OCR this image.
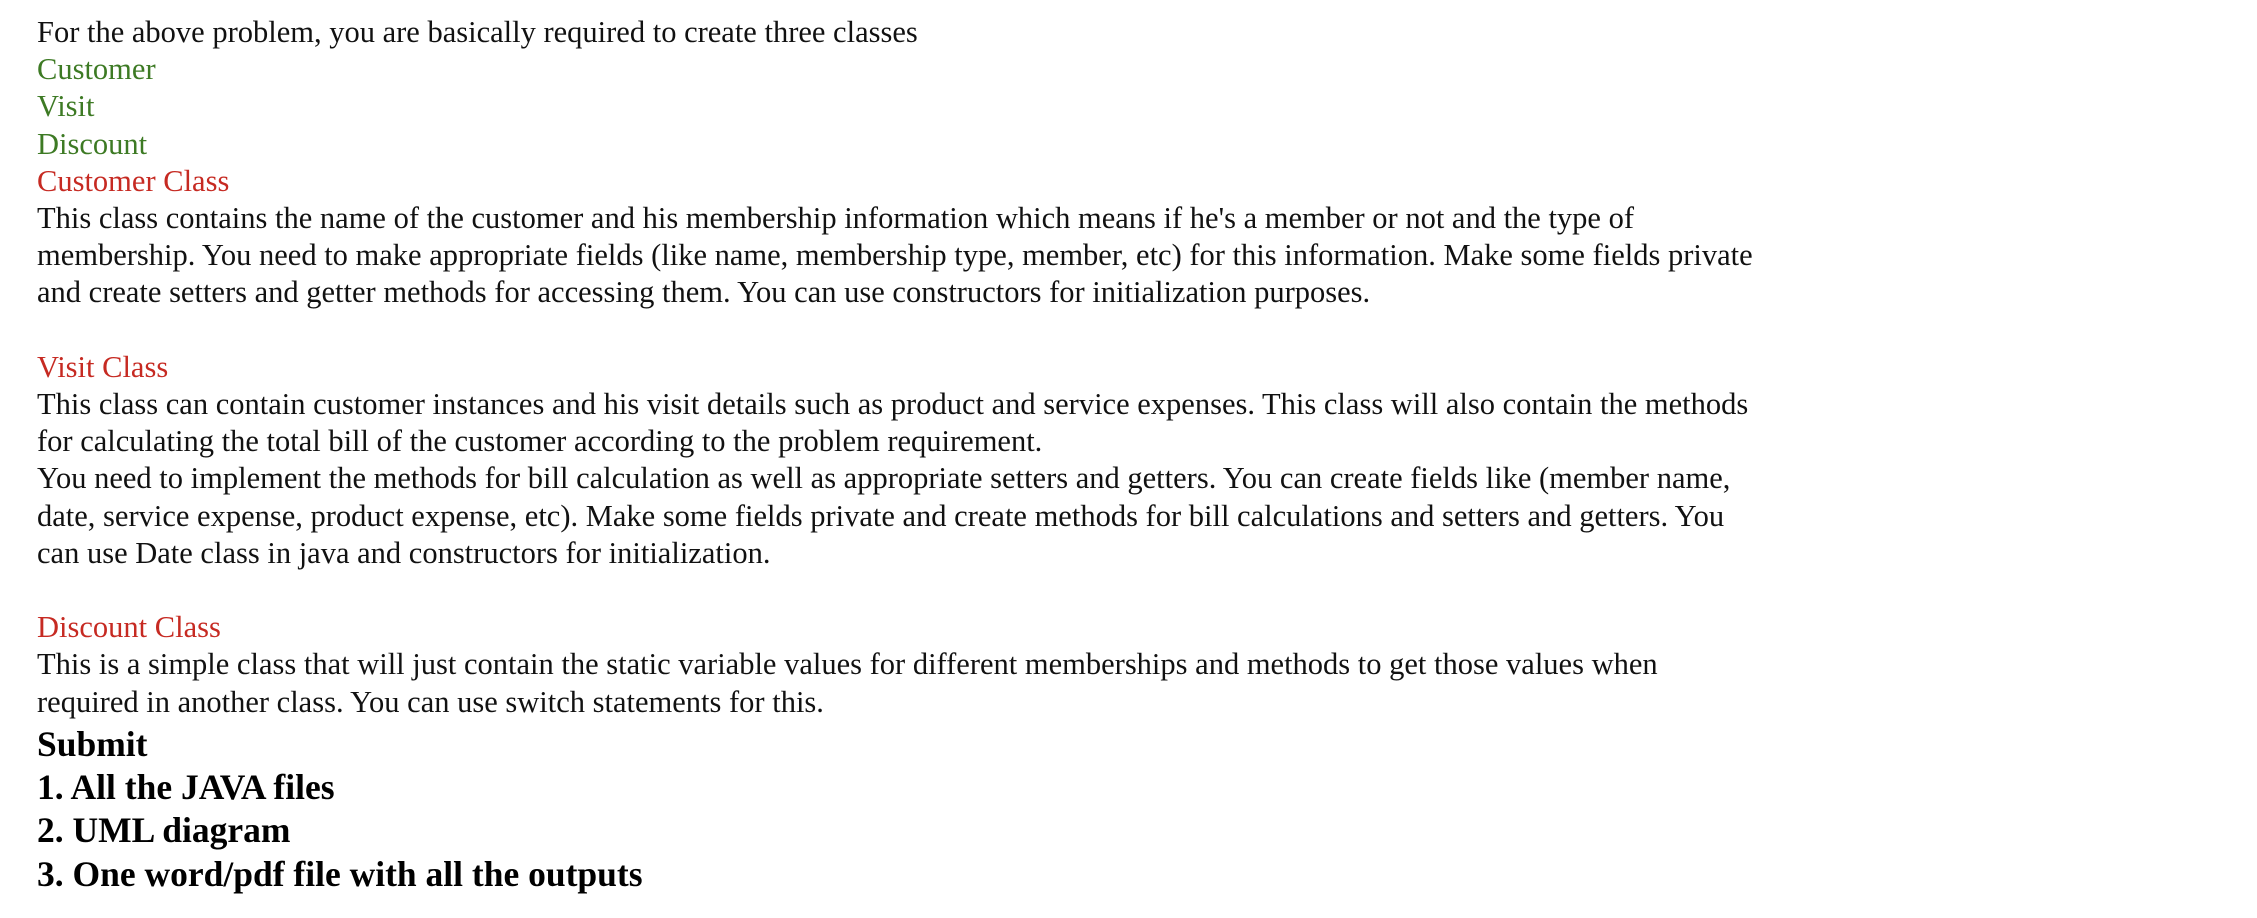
For the above problem, you are basically required to create three classes
Customer
Visit
Discount
Customer Class
This class contains the name of the customer and his membership information which means if he's a member or not and the type of
membership. You need to make appropriate fields (like name, membership type, member, etc) for this information. Make some fields private
and create setters and getter methods for accessing them. You can use constructors for initialization purposes.
Visit Class
This class can contain customer instances and his visit details such as product and service expenses. This class will also contain the methods
for calculating the total bill of the customer according to the problem requirement.
You need to implement the methods for bill calculation as well as appropriate setters and getters. You can create fields like (member name,
date, service expense, product expense, etc). Make some fields private and create methods for bill calculations and setters and getters. You
can use Date class in java and constructors for initialization.
Discount Class
This is a simple class that will just contain the static variable values for different memberships and methods to get those values when
required in another class. You can use switch statements for this.
Submit
1. All the JAVA files
2. UML diagram
3. One word/pdf file with all the outputs
